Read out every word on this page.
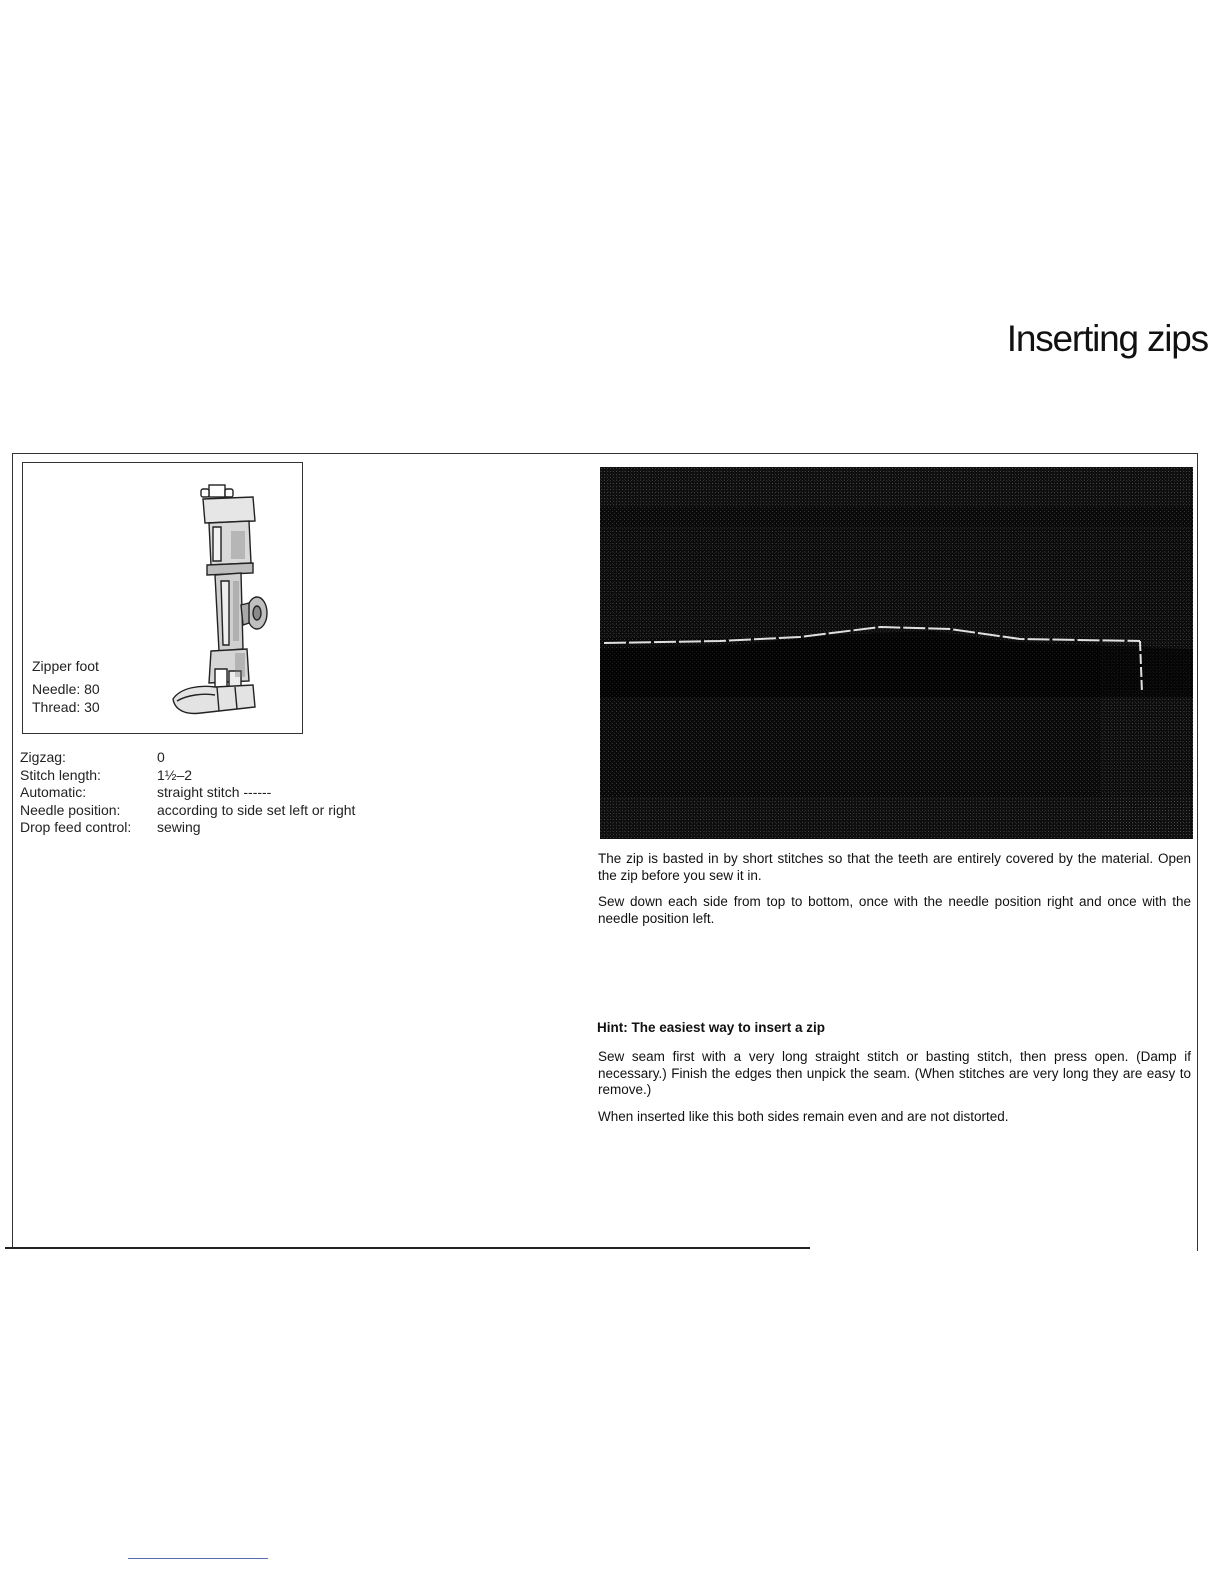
Inserting zips
Zipper foot
Needle: 80
Thread: 30
Zigzag:	0
Stitch length:	1½–2
Automatic:	straight stitch ------
Needle position:	according to side set left or right
Drop feed control:	sewing

The zip is basted in by short stitches so that the teeth are entirely covered by the material. Open the zip before you sew it in.

Sew down each side from top to bottom, once with the needle position right and once with the needle position left.

Hint: The easiest way to insert a zip

Sew seam first with a very long straight stitch or basting stitch, then press open. (Damp if necessary.) Finish the edges then unpick the seam. (When stitches are very long they are easy to remove.)

When inserted like this both sides remain even and are not distorted.
